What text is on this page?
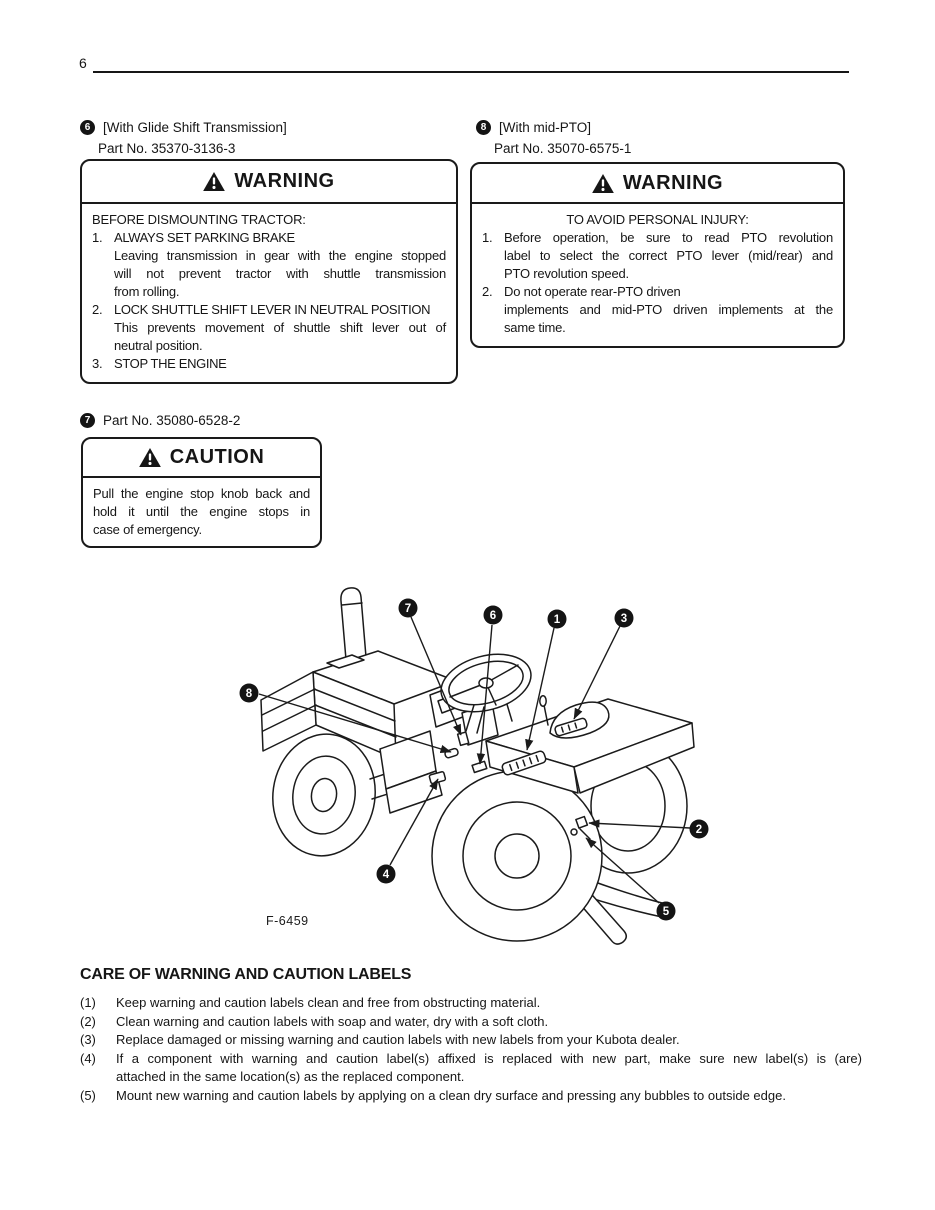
6
6 [With Glide Shift Transmission]
Part No. 35370-3136-3
WARNING
BEFORE DISMOUNTING TRACTOR:
1. ALWAYS SET PARKING BRAKE
Leaving transmission in gear with the engine stopped
will not prevent tractor with shuttle transmission
from rolling.
2. LOCK SHUTTLE SHIFT LEVER IN NEUTRAL POSITION
This prevents movement of shuttle shift lever out of
neutral position.
3. STOP THE ENGINE
8 [With mid-PTO]
Part No. 35070-6575-1
WARNING
TO AVOID PERSONAL INJURY:
1. Before operation, be sure to read PTO revolution
label to select the correct PTO lever (mid/rear) and
PTO revolution speed.
2. Do not operate rear-PTO driven
implements and mid-PTO driven implements at the
same time.
7 Part No. 35080-6528-2
CAUTION
Pull the engine stop knob back and
hold it until the engine stops in
case of emergency.
7
6	1	3
8
2
4
5
F-6459
CARE OF WARNING AND CAUTION LABELS
(1)	Keep warning and caution labels clean and free from obstructing material.
(2)	Clean warning and caution labels with soap and water, dry with a soft cloth.
(3)	Replace damaged or missing warning and caution labels with new labels from your Kubota dealer.
(4)	If a component with warning and caution label(s) affixed is replaced with new part, make sure new label(s) is (are)
attached in the same location(s) as the replaced component.
(5)	Mount new warning and caution labels by applying on a clean dry surface and pressing any bubbles to outside edge.
